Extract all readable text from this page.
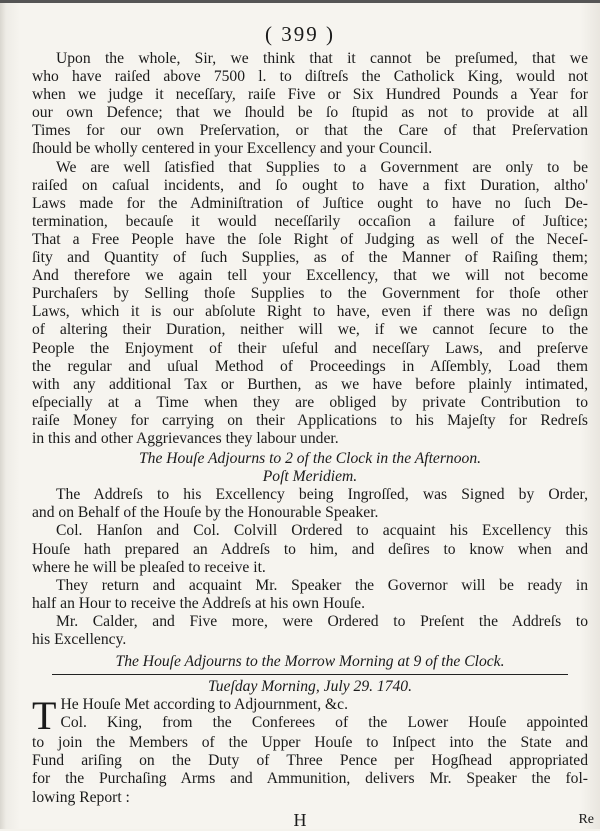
( 399 )
Upon the whole, Sir, we think that it cannot be preſumed, that we
who have raiſed above 7500 l. to diſtreſs the Catholick King, would not
when we judge it neceſſary, raiſe Five or Six Hundred Pounds a Year for
our own Defence; that we ſhould be ſo ſtupid as not to provide at all
Times for our own Preſervation, or that the Care of that Preſervation
ſhould be wholly centered in your Excellency and your Council.
We are well ſatisfied that Supplies to a Government are only to be
raiſed on caſual incidents, and ſo ought to have a fixt Duration, altho'
Laws made for the Adminiſtration of Juſtice ought to have no ſuch De-
termination, becauſe it would neceſſarily occaſion a failure of Juſtice;
That a Free People have the ſole Right of Judging as well of the Neceſ-
ſity and Quantity of ſuch Supplies, as of the Manner of Raiſing them;
And therefore we again tell your Excellency, that we will not become
Purchaſers by Selling thoſe Supplies to the Government for thoſe other
Laws, which it is our abſolute Right to have, even if there was no deſign
of altering their Duration, neither will we, if we cannot ſecure to the
People the Enjoyment of their uſeful and neceſſary Laws, and preſerve
the regular and uſual Method of Proceedings in Aſſembly, Load them
with any additional Tax or Burthen, as we have before plainly intimated,
eſpecially at a Time when they are obliged by private Contribution to
raiſe Money for carrying on their Applications to his Majeſty for Redreſs
in this and other Aggrievances they labour under.
The Houſe Adjourns to 2 of the Clock in the Afternoon.
Poſt Meridiem.
The Addreſs to his Excellency being Ingroſſed, was Signed by Order,
and on Behalf of the Houſe by the Honourable Speaker.
Col. Hanſon and Col. Colvill Ordered to acquaint his Excellency this
Houſe hath prepared an Addreſs to him, and deſires to know when and
where he will be pleaſed to receive it.
They return and acquaint Mr. Speaker the Governor will be ready in
half an Hour to receive the Addreſs at his own Houſe.
Mr. Calder, and Five more, were Ordered to Preſent the Addreſs to
his Excellency.
The Houſe Adjourns to the Morrow Morning at 9 of the Clock.
Tueſday Morning, July 29. 1740.
T He Houſe Met according to Adjournment, &c.
Col. King, from the Conferees of the Lower Houſe appointed
to join the Members of the Upper Houſe to Inſpect into the State and
Fund ariſing on the Duty of Three Pence per Hogſhead appropriated
for the Purchaſing Arms and Ammunition, delivers Mr. Speaker the fol-
lowing Report :
H	Re
